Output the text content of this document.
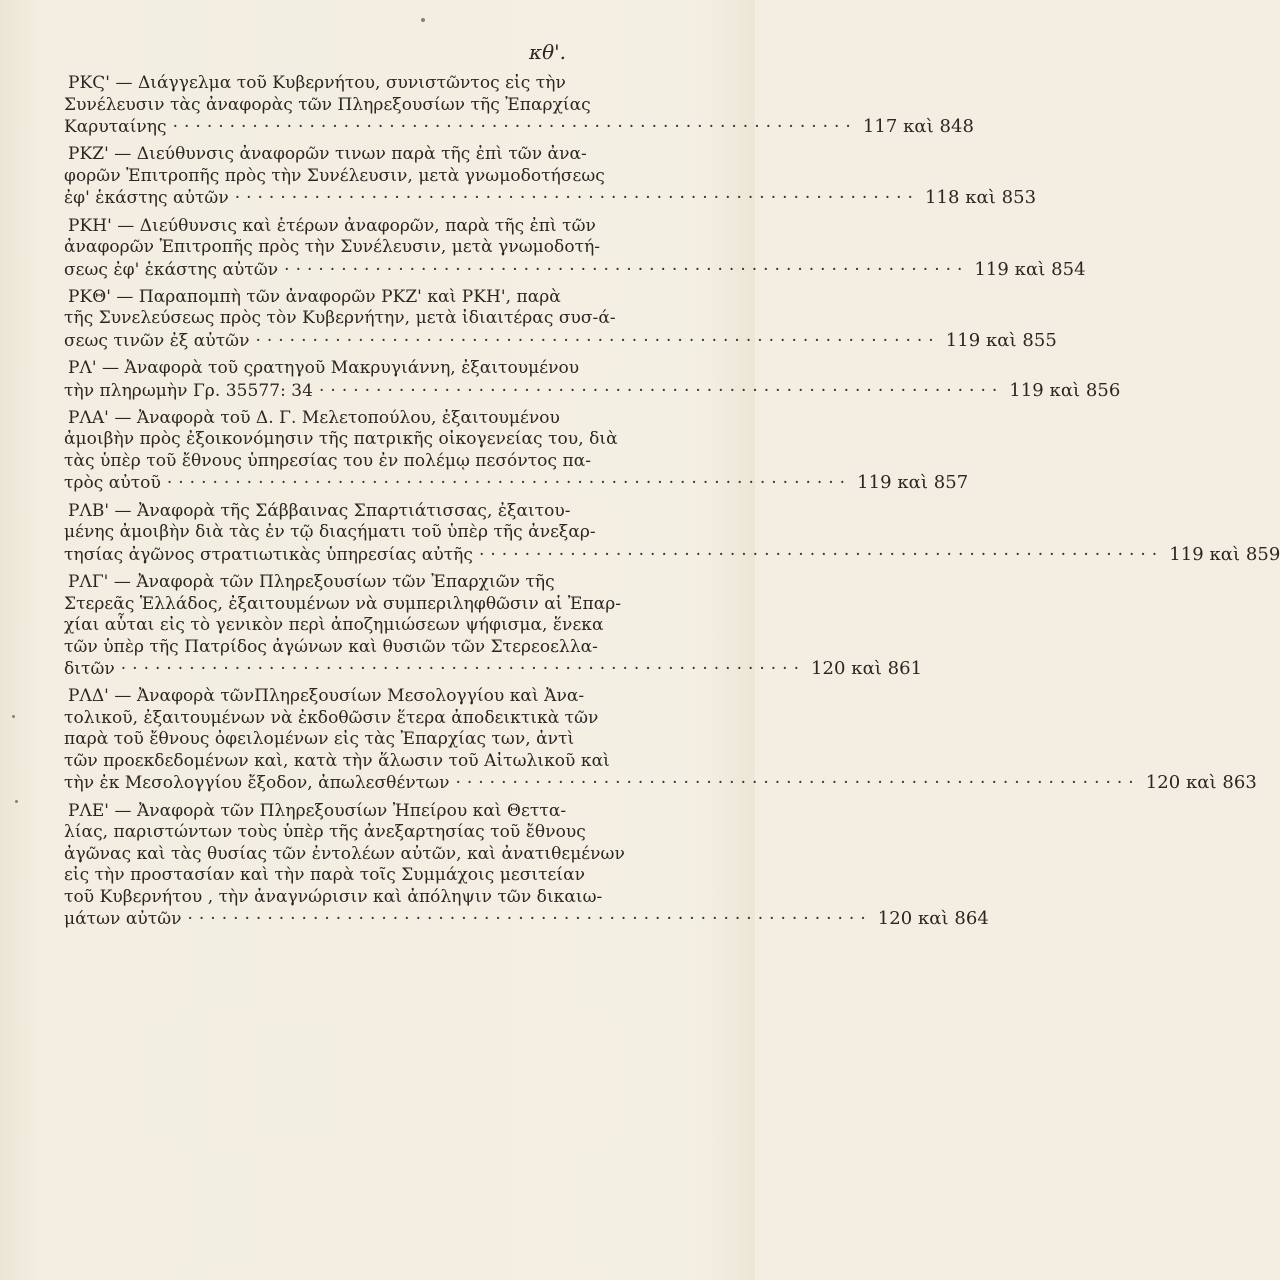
κθ'.
ΡΚϚ' — Διάγγελμα τοῦ Κυβερνήτου, συνιστῶντος εἰς τὴν
Συνέλευσιν τὰς ἀναφορὰς τῶν Πληρεξουσίων τῆς Ἐπαρχίας
Καρυταίνης ···························································· 117 καὶ 848
ΡΚΖ' — Διεύθυνσις ἀναφορῶν τινων παρὰ τῆς ἐπὶ τῶν ἀνα-
φορῶν Ἐπιτροπῆς πρὸς τὴν Συνέλευσιν, μετὰ γνωμοδοτήσεως
ἐφ' ἑκάστης αὐτῶν ···························································· 118 καὶ 853
ΡΚΗ' — Διεύθυνσις καὶ ἑτέρων ἀναφορῶν, παρὰ τῆς ἐπὶ τῶν
ἀναφορῶν Ἐπιτροπῆς πρὸς τὴν Συνέλευσιν, μετὰ γνωμοδοτή-
σεως ἐφ' ἑκάστης αὐτῶν ···························································· 119 καὶ 854
ΡΚΘ' — Παραπομπὴ τῶν ἀναφορῶν ΡΚΖ' καὶ ΡΚΗ', παρὰ
τῆς Συνελεύσεως πρὸς τὸν Κυβερνήτην, μετὰ ἰδιαιτέρας συσ-ά-
σεως τινῶν ἐξ αὐτῶν ···························································· 119 καὶ 855
ΡΛ' — Ἀναφορὰ τοῦ ςρατηγοῦ Μακρυγιάννη, ἐξαιτουμένου
τὴν πληρωμὴν Γρ. 35577: 34 ···························································· 119 καὶ 856
ΡΛΑ' — Ἀναφορὰ τοῦ Δ. Γ. Μελετοπούλου, ἐξαιτουμένου
ἀμοιβὴν πρὸς ἐξοικονόμησιν τῆς πατρικῆς οἰκογενείας του, διὰ
τὰς ὑπὲρ τοῦ ἔθνους ὑπηρεσίας του ἐν πολέμῳ πεσόντος πα-
τρὸς αὐτοῦ ···························································· 119 καὶ 857
ΡΛΒ' — Ἀναφορὰ τῆς Σάββαινας Σπαρτιάτισσας, ἐξαιτου-
μένης ἀμοιβὴν διὰ τὰς ἐν τῷ διαςήματι τοῦ ὑπὲρ τῆς ἀνεξαρ-
τησίας ἀγῶνος στρατιωτικὰς ὑπηρεσίας αὐτῆς ···························································· 119 καὶ 859
ΡΛΓ' — Ἀναφορὰ τῶν Πληρεξουσίων τῶν Ἐπαρχιῶν τῆς
Στερεᾶς Ἑλλάδος, ἐξαιτουμένων νὰ συμπεριληφθῶσιν αἱ Ἐπαρ-
χίαι αὗται εἰς τὸ γενικὸν περὶ ἀποζημιώσεων ψήφισμα, ἕνεκα
τῶν ὑπὲρ τῆς Πατρίδος ἀγώνων καὶ θυσιῶν τῶν Στερεοελλα-
διτῶν ···························································· 120 καὶ 861
ΡΛΔ' — Ἀναφορὰ τῶνΠληρεξουσίων Μεσολογγίου καὶ Ἀνα-
τολικοῦ, ἐξαιτουμένων νὰ ἐκδοθῶσιν ἕτερα ἀποδεικτικὰ τῶν
παρὰ τοῦ ἔθνους ὀφειλομένων εἰς τὰς Ἐπαρχίας των, ἀντὶ
τῶν προεκδεδομένων καὶ, κατὰ τὴν ἅλωσιν τοῦ Αἰτωλικοῦ καὶ
τὴν ἐκ Μεσολογγίου ἔξοδον, ἀπωλεσθέντων ···························································· 120 καὶ 863
ΡΛΕ' — Ἀναφορὰ τῶν Πληρεξουσίων Ἠπείρου καὶ Θεττα-
λίας, παριστώντων τοὺς ὑπὲρ τῆς ἀνεξαρτησίας τοῦ ἔθνους
ἀγῶνας καὶ τὰς θυσίας τῶν ἐντολέων αὐτῶν, καὶ ἀνατιθεμένων
εἰς τὴν προστασίαν καὶ τὴν παρὰ τοῖς Συμμάχοις μεσιτείαν
τοῦ Κυβερνήτου , τὴν ἀναγνώρισιν καὶ ἀπόληψιν τῶν δικαιω-
μάτων αὐτῶν ···························································· 120 καὶ 864
